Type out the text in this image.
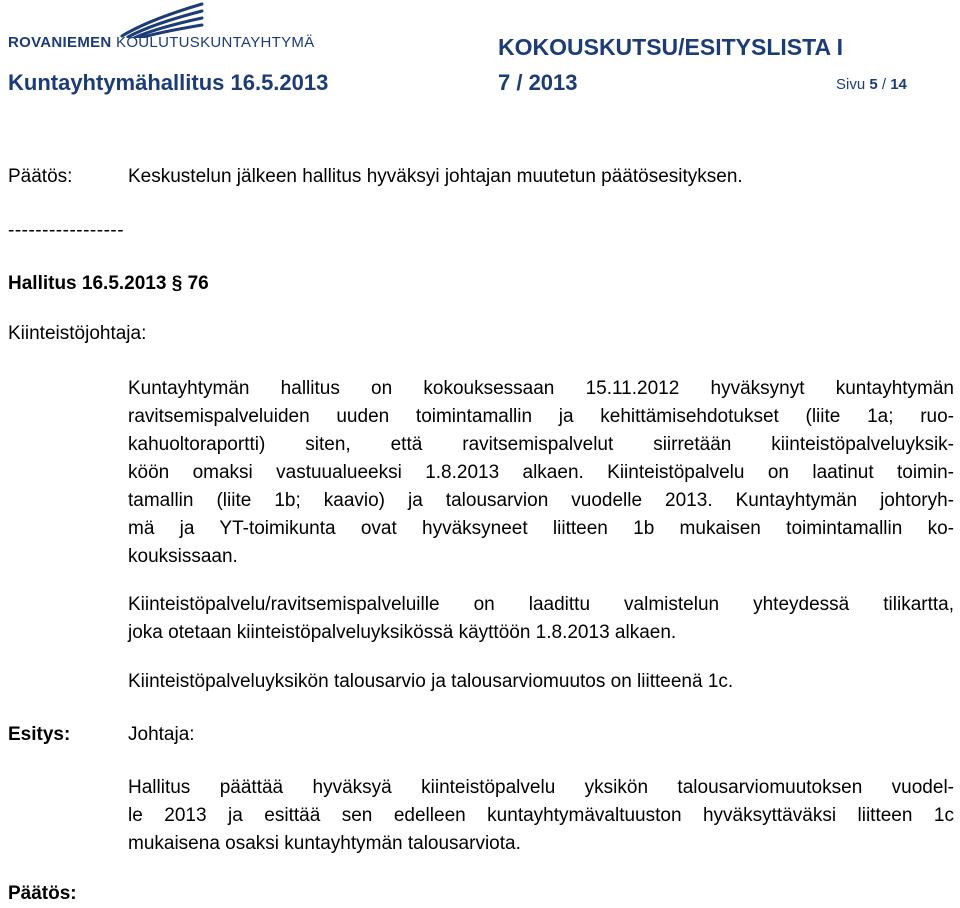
ROVANIEMEN KOULUTUSKUNTAYHTYMÄ	KOKOUSKUTSU/ESITYSLISTA I
Kuntayhtymähallitus 16.5.2013	7 / 2013	Sivu 5 / 14
Päätös:	Keskustelun jälkeen hallitus hyväksyi johtajan muutetun päätösesityksen.
-----------------
Hallitus 16.5.2013 § 76
Kiinteistöjohtaja:
Kuntayhtymän hallitus on kokouksessaan 15.11.2012 hyväksynyt kuntayhtymän
ravitsemispalveluiden uuden toimintamallin ja kehittämisehdotukset (liite 1a; ruo-
kahuoltoraportti) siten, että ravitsemispalvelut siirretään kiinteistöpalveluyksik-
köön omaksi vastuualueeksi 1.8.2013 alkaen. Kiinteistöpalvelu on laatinut toimin-
tamallin (liite 1b; kaavio) ja talousarvion vuodelle 2013. Kuntayhtymän johtoryh-
mä ja YT-toimikunta ovat hyväksyneet liitteen 1b mukaisen toimintamallin ko-
kouksissaan.
Kiinteistöpalvelu/ravitsemispalveluille on laadittu valmistelun yhteydessä tilikartta,
joka otetaan kiinteistöpalveluyksikössä käyttöön 1.8.2013 alkaen.
Kiinteistöpalveluyksikön talousarvio ja talousarviomuutos on liitteenä 1c.
Esitys:	Johtaja:
Hallitus päättää hyväksyä kiinteistöpalvelu yksikön talousarviomuutoksen vuodel-
le 2013 ja esittää sen edelleen kuntayhtymävaltuuston hyväksyttäväksi liitteen 1c
mukaisena osaksi kuntayhtymän talousarviota.
Päätös:
